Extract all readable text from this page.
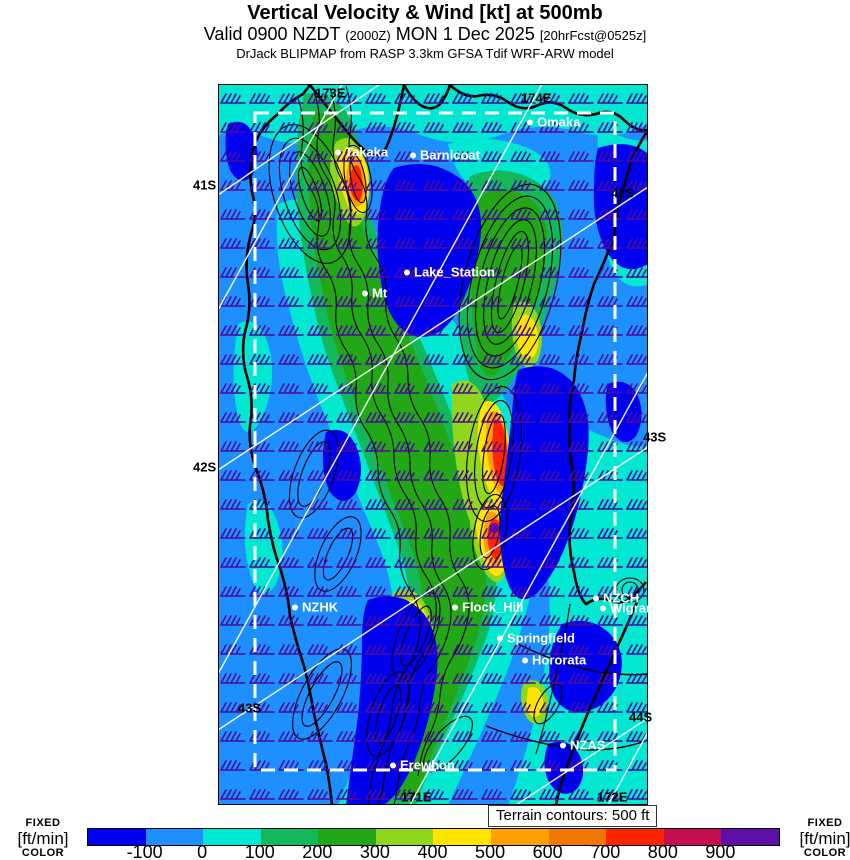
Vertical Velocity & Wind [kt] at 500mb
Valid 0900 NZDT (2000Z) MON 1 Dec 2025 [20hrFcst@0525z]
DrJack BLIPMAP from RASP 3.3km GFSA Tdif WRF-ARW model
41S
42S
42S
43S
43S
44S
173E	174E
171E	172E
Takaka Barnicoat
Omaka
Lake_Station
Mt
NZHK	Flock_Hill
Springfield
Hororata
NZCH
Wigram
NZAS
Erewhon
Terrain contours: 500 ft
-100 0 100 200 300 400 500 600 700 800 900
FIXED
[ft/min]
COLOR
FIXED
[ft/min]
COLOR
